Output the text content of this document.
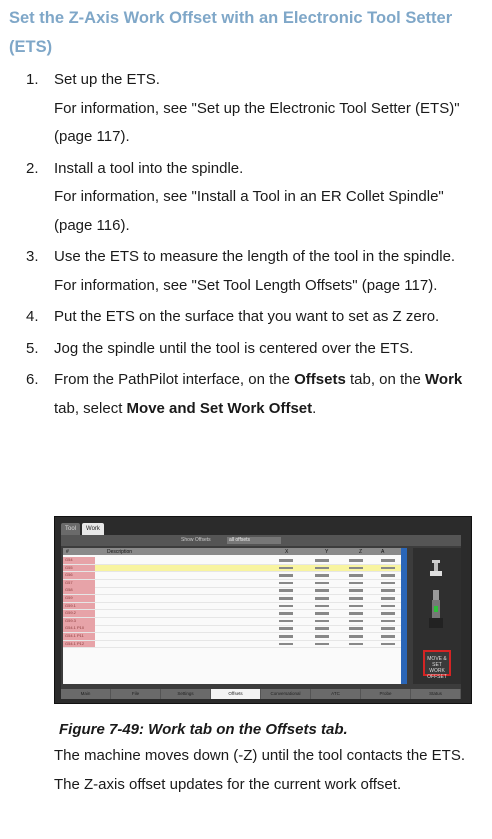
Set the Z-Axis Work Offset with an Electronic Tool Setter (ETS)
1. Set up the ETS.
For information, see "Set up the Electronic Tool Setter (ETS)" (page 117).
2. Install a tool into the spindle.
For information, see "Install a Tool in an ER Collet Spindle" (page 116).
3. Use the ETS to measure the length of the tool in the spindle.
For information, see "Set Tool Length Offsets" (page 117).
4. Put the ETS on the surface that you want to set as Z zero.
5. Jog the spindle until the tool is centered over the ETS.
6. From the PathPilot interface, on the Offsets tab, on the Work tab, select Move and Set Work Offset.
Tool	Work
Show Offsets	all offsets
#	Description	X	Y	Z	A
G54
G55
G56
G57
G58
G59
G59.1
G59.2
G59.3
G54.1 P10
G54.1 P11
G54.1 P12
MOVE & SET WORK OFFSET
Main	File	Settings	Offsets	Conversational	ATC	Probe	Status
Figure 7-49: Work tab on the Offsets tab.
The machine moves down (-Z) until the tool contacts the ETS. The Z-axis offset updates for the current work offset.
